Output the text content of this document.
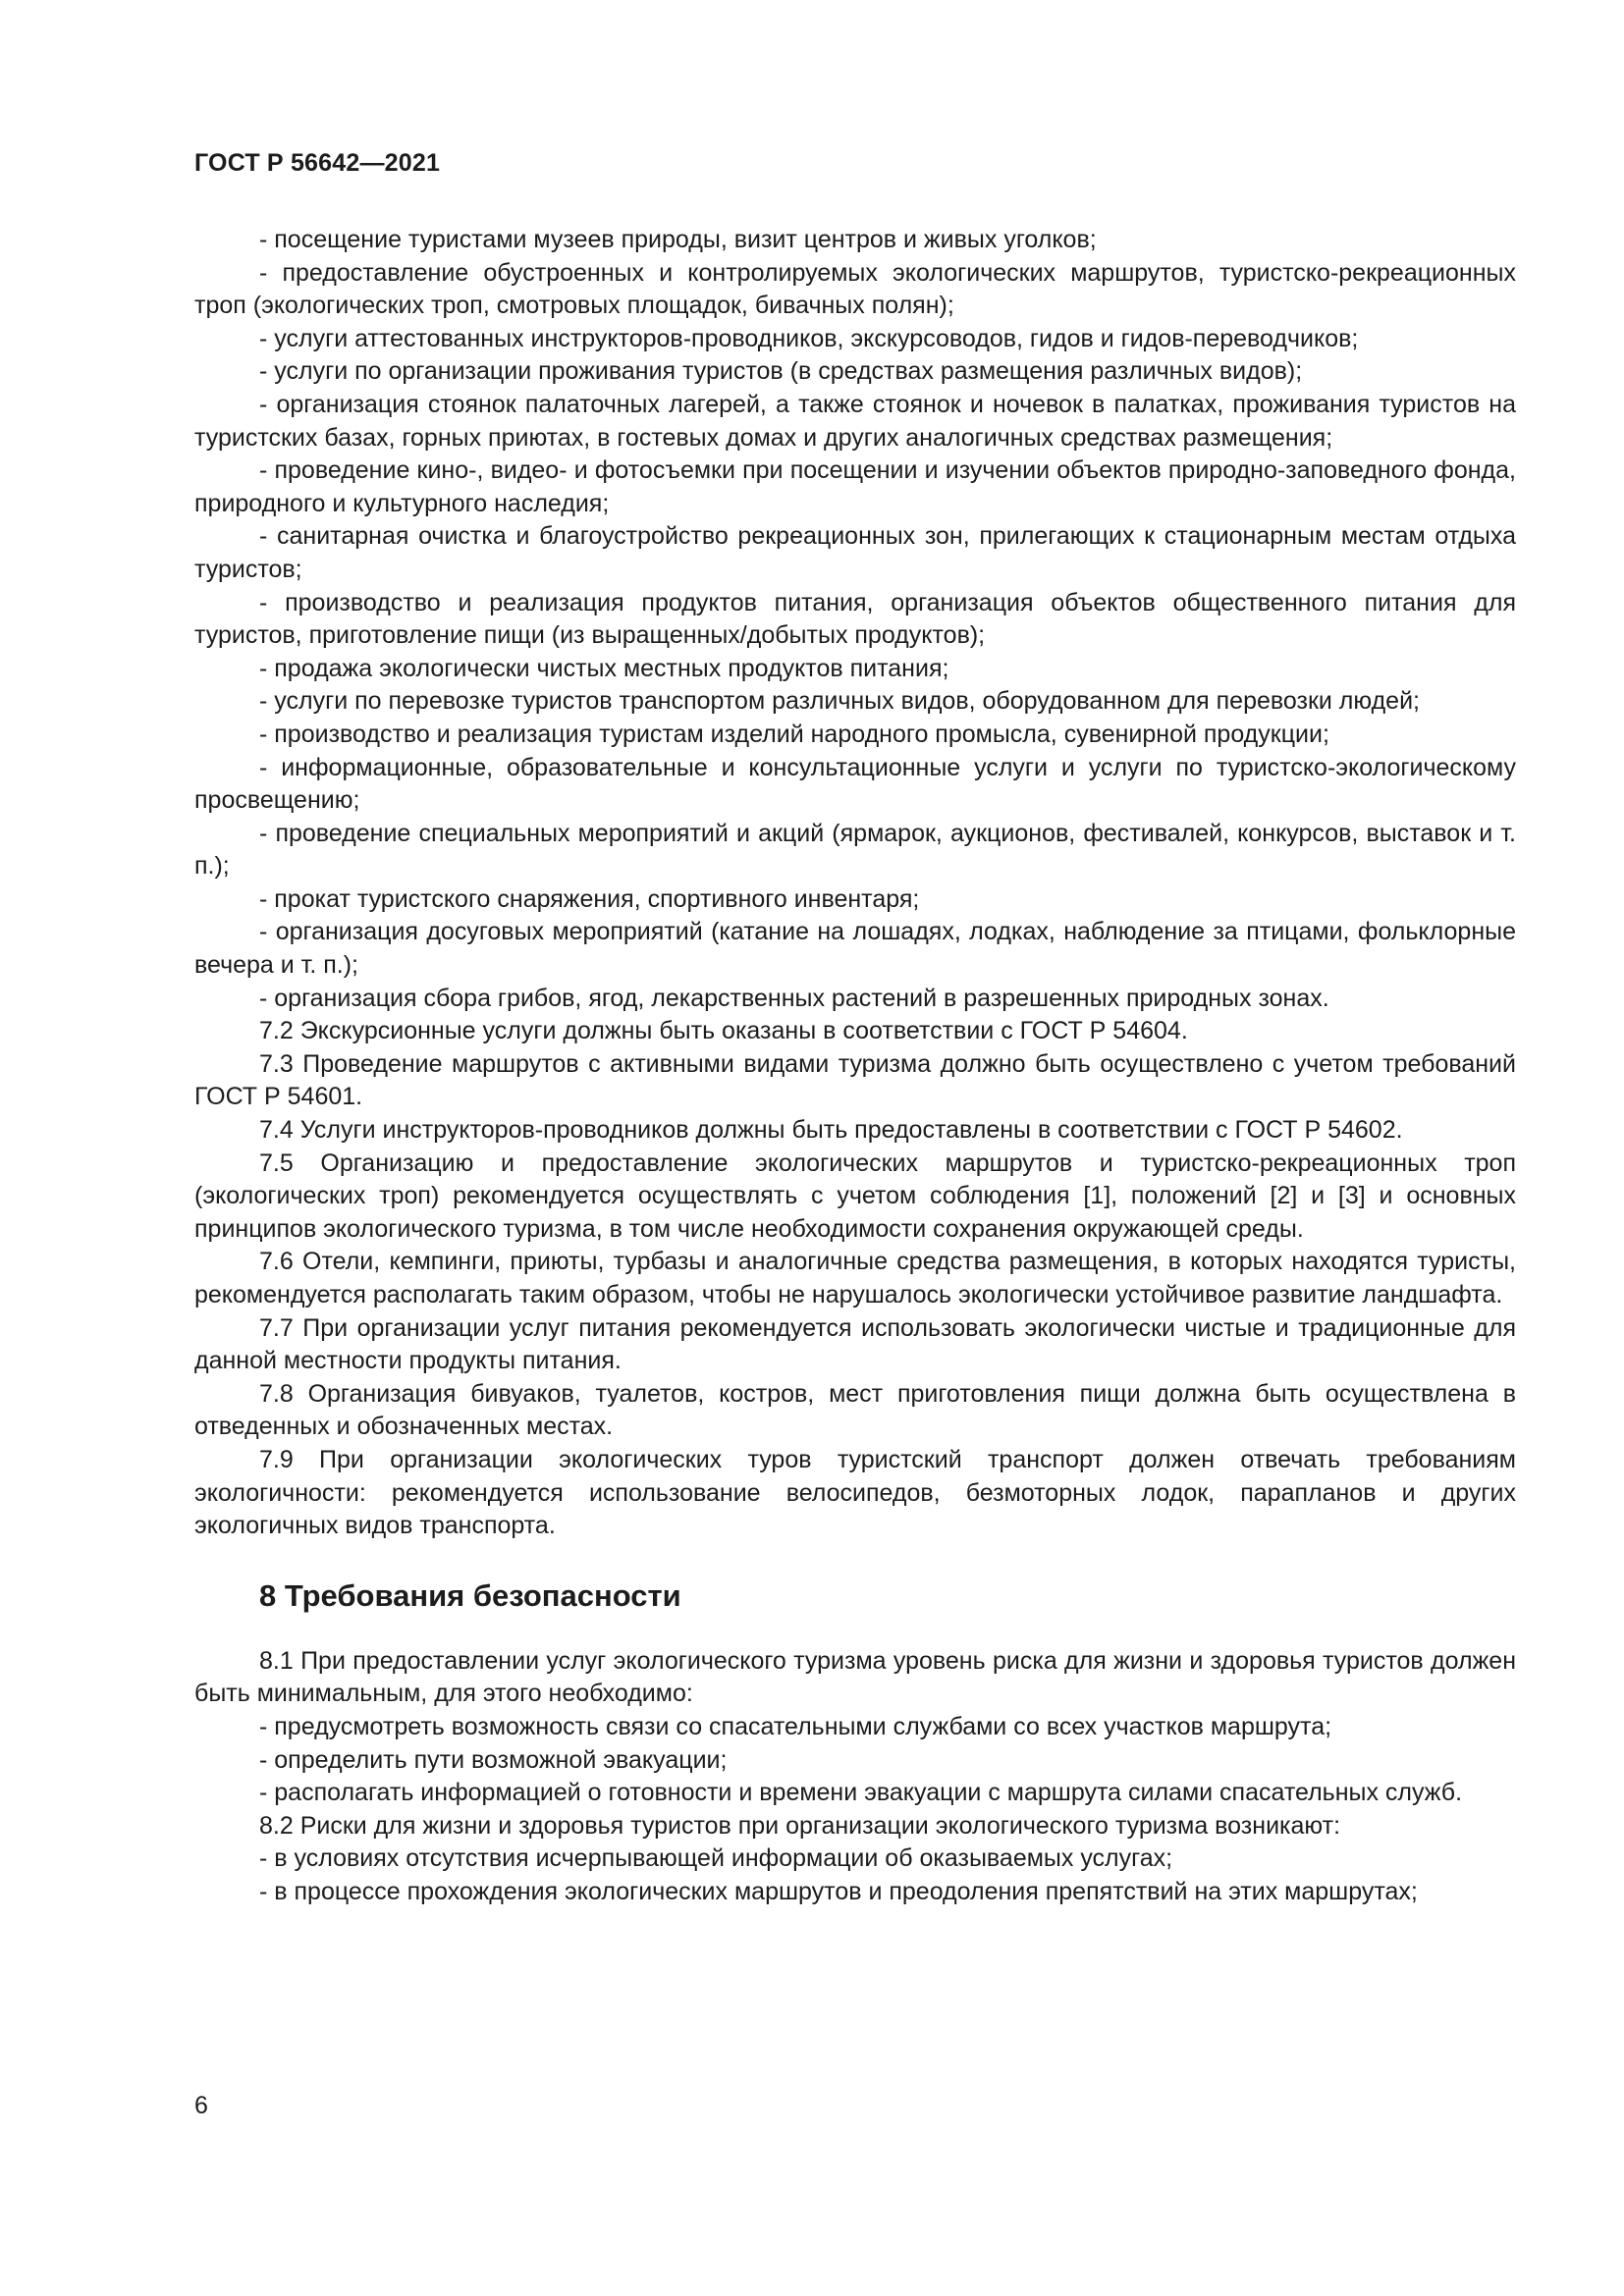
ГОСТ Р 56642—2021

- посещение туристами музеев природы, визит центров и живых уголков;

- предоставление обустроенных и контролируемых экологических маршрутов, туристско-рекреационных троп (экологических троп, смотровых площадок, бивачных полян);

- услуги аттестованных инструкторов-проводников, экскурсоводов, гидов и гидов-переводчиков;

- услуги по организации проживания туристов (в средствах размещения различных видов);

- организация стоянок палаточных лагерей, а также стоянок и ночевок в палатках, проживания туристов на туристских базах, горных приютах, в гостевых домах и других аналогичных средствах размещения;

- проведение кино-, видео- и фотосъемки при посещении и изучении объектов природно-заповедного фонда, природного и культурного наследия;

- санитарная очистка и благоустройство рекреационных зон, прилегающих к стационарным местам отдыха туристов;

- производство и реализация продуктов питания, организация объектов общественного питания для туристов, приготовление пищи (из выращенных/добытых продуктов);

- продажа экологически чистых местных продуктов питания;

- услуги по перевозке туристов транспортом различных видов, оборудованном для перевозки людей;

- производство и реализация туристам изделий народного промысла, сувенирной продукции;

- информационные, образовательные и консультационные услуги и услуги по туристско-экологическому просвещению;

- проведение специальных мероприятий и акций (ярмарок, аукционов, фестивалей, конкурсов, выставок и т. п.);

- прокат туристского снаряжения, спортивного инвентаря;

- организация досуговых мероприятий (катание на лошадях, лодках, наблюдение за птицами, фольклорные вечера и т. п.);

- организация сбора грибов, ягод, лекарственных растений в разрешенных природных зонах.

7.2 Экскурсионные услуги должны быть оказаны в соответствии с ГОСТ Р 54604.

7.3 Проведение маршрутов с активными видами туризма должно быть осуществлено с учетом требований ГОСТ Р 54601.

7.4 Услуги инструкторов-проводников должны быть предоставлены в соответствии с ГОСТ Р 54602.

7.5 Организацию и предоставление экологических маршрутов и туристско-рекреационных троп (экологических троп) рекомендуется осуществлять с учетом соблюдения [1], положений [2] и [3] и основных принципов экологического туризма, в том числе необходимости сохранения окружающей среды.

7.6 Отели, кемпинги, приюты, турбазы и аналогичные средства размещения, в которых находятся туристы, рекомендуется располагать таким образом, чтобы не нарушалось экологически устойчивое развитие ландшафта.

7.7 При организации услуг питания рекомендуется использовать экологически чистые и традиционные для данной местности продукты питания.

7.8 Организация бивуаков, туалетов, костров, мест приготовления пищи должна быть осуществлена в отведенных и обозначенных местах.

7.9 При организации экологических туров туристский транспорт должен отвечать требованиям экологичности: рекомендуется использование велосипедов, безмоторных лодок, парапланов и других экологичных видов транспорта.

8 Требования безопасности

8.1 При предоставлении услуг экологического туризма уровень риска для жизни и здоровья туристов должен быть минимальным, для этого необходимо:

- предусмотреть возможность связи со спасательными службами со всех участков маршрута;

- определить пути возможной эвакуации;

- располагать информацией о готовности и времени эвакуации с маршрута силами спасательных служб.

8.2 Риски для жизни и здоровья туристов при организации экологического туризма возникают:

- в условиях отсутствия исчерпывающей информации об оказываемых услугах;

- в процессе прохождения экологических маршрутов и преодоления препятствий на этих маршрутах;

6
